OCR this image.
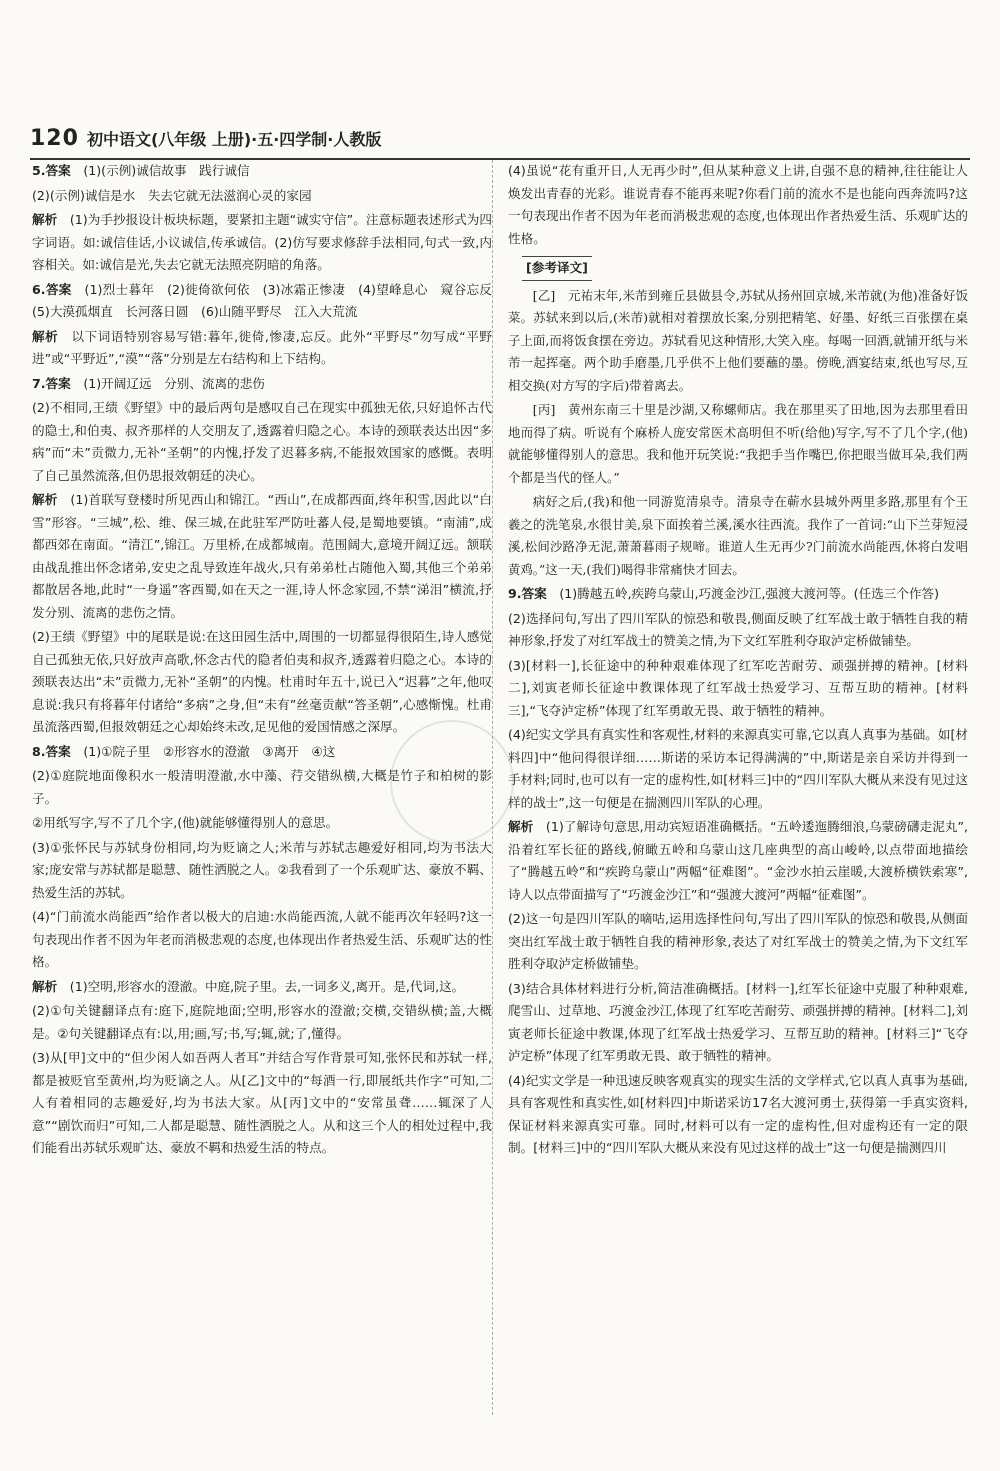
120 初中语文(八年级 上册)·五·四学制·人教版

5.答案　(1)(示例)诚信故事　践行诚信

(2)(示例)诚信是水　失去它就无法滋润心灵的家园

解析　(1)为手抄报设计板块标题，要紧扣主题“诚实守信”。注意标题表述形式为四字词语。如:诚信佳话,小议诚信,传承诚信。(2)仿写要求修辞手法相同,句式一致,内容相关。如:诚信是光,失去它就无法照亮阴暗的角落。

6.答案　(1)烈士暮年　(2)徙倚欲何依　(3)冰霜正惨凄　(4)望峰息心　窥谷忘反　(5)大漠孤烟直　长河落日圆　(6)山随平野尽　江入大荒流

解析　以下词语特别容易写错:暮年,徙倚,惨凄,忘反。此外“平野尽”勿写成“平野进”或“平野近”,“漠”“落”分别是左右结构和上下结构。

7.答案　(1)开阔辽远　分别、流离的悲伤

(2)不相同,王绩《野望》中的最后两句是感叹自己在现实中孤独无依,只好追怀古代的隐士,和伯夷、叔齐那样的人交朋友了,透露着归隐之心。本诗的颈联表达出因“多病”而“未”贡微力,无补“圣朝”的内愧,抒发了迟暮多病,不能报效国家的感慨。表明了自己虽然流落,但仍思报效朝廷的决心。

解析　(1)首联写登楼时所见西山和锦江。“西山”,在成都西面,终年积雪,因此以“白雪”形容。“三城”,松、维、保三城,在此驻军严防吐蕃人侵,是蜀地要镇。“南浦”,成都西郊在南面。“清江”,锦江。万里桥,在成都城南。范围阔大,意境开阔辽远。颔联由战乱推出怀念诸弟,安史之乱导致连年战火,只有弟弟杜占随他入蜀,其他三个弟弟都散居各地,此时“一身遥”客西蜀,如在天之一涯,诗人怀念家园,不禁“涕泪”横流,抒发分别、流离的悲伤之情。

(2)王绩《野望》中的尾联是说:在这田园生活中,周围的一切都显得很陌生,诗人感觉自己孤独无依,只好放声高歌,怀念古代的隐者伯夷和叔齐,透露着归隐之心。本诗的颈联表达出“未”贡微力,无补“圣朝”的内愧。杜甫时年五十,说已入“迟暮”之年,他叹息说:我只有将暮年付诸给“多病”之身,但“未有”丝毫贡献“答圣朝”,心感惭愧。杜甫虽流落西蜀,但报效朝廷之心却始终未改,足见他的爱国情感之深厚。

8.答案　(1)①院子里　②形容水的澄澈　③离开　④这

(2)①庭院地面像积水一般清明澄澈,水中藻、荇交错纵横,大概是竹子和柏树的影子。

②用纸写字,写不了几个字,(他)就能够懂得别人的意思。

(3)①张怀民与苏轼身份相同,均为贬谪之人;米芾与苏轼志趣爱好相同,均为书法大家;庞安常与苏轼都是聪慧、随性洒脱之人。②我看到了一个乐观旷达、豪放不羁、热爱生活的苏轼。

(4)“门前流水尚能西”给作者以极大的启迪:水尚能西流,人就不能再次年轻吗?这一句表现出作者不因为年老而消极悲观的态度,也体现出作者热爱生活、乐观旷达的性格。

解析　(1)空明,形容水的澄澈。中庭,院子里。去,一词多义,离开。是,代词,这。

(2)①句关键翻译点有:庭下,庭院地面;空明,形容水的澄澈;交横,交错纵横;盖,大概是。②句关键翻译点有:以,用;画,写;书,写;辄,就;了,懂得。

(3)从[甲]文中的“但少闲人如吾两人者耳”并结合写作背景可知,张怀民和苏轼一样,都是被贬官至黄州,均为贬谪之人。从[乙]文中的“每酒一行,即展纸共作字”可知,二人有着相同的志趣爱好,均为书法大家。从[丙]文中的“安常虽聋……辄深了人意”“剧饮而归”可知,二人都是聪慧、随性洒脱之人。从和这三个人的相处过程中,我们能看出苏轼乐观旷达、豪放不羁和热爱生活的特点。

(4)虽说“花有重开日,人无再少时”,但从某种意义上讲,自强不息的精神,往往能让人焕发出青春的光彩。谁说青春不能再来呢?你看门前的流水不是也能向西奔流吗?这一句表现出作者不因为年老而消极悲观的态度,也体现出作者热爱生活、乐观旷达的性格。

[参考译文]

[乙]　元祐末年,米芾到雍丘县做县令,苏轼从扬州回京城,米芾就(为他)准备好饭菜。苏轼来到以后,(米芾)就相对着摆放长案,分别把精笔、好墨、好纸三百张摆在桌子上面,而将饭食摆在旁边。苏轼看见这种情形,大笑入座。每喝一回酒,就铺开纸与米芾一起挥毫。两个助手磨墨,几乎供不上他们要蘸的墨。傍晚,酒宴结束,纸也写尽,互相交换(对方写的字后)带着离去。

[丙]　黄州东南三十里是沙湖,又称螺师店。我在那里买了田地,因为去那里看田地而得了病。听说有个麻桥人庞安常医术高明但不听(给他)写字,写不了几个字,(他)就能够懂得别人的意思。我和他开玩笑说:“我把手当作嘴巴,你把眼当做耳朵,我们两个都是当代的怪人。”

病好之后,(我)和他一同游览清泉寺。清泉寺在蕲水县城外两里多路,那里有个王羲之的洗笔泉,水很甘美,泉下面挨着兰溪,溪水往西流。我作了一首词:“山下兰芽短浸溪,松间沙路净无泥,萧萧暮雨子规啼。谁道人生无再少?门前流水尚能西,休将白发唱黄鸡。”这一天,(我们)喝得非常痛快才回去。

9.答案　(1)腾越五岭,疾跨乌蒙山,巧渡金沙江,强渡大渡河等。(任选三个作答)

(2)选择问句,写出了四川军队的惊恐和敬畏,侧面反映了红军战士敢于牺牲自我的精神形象,抒发了对红军战士的赞美之情,为下文红军胜利夺取泸定桥做铺垫。

(3)[材料一],长征途中的种种艰难体现了红军吃苦耐劳、顽强拼搏的精神。[材料二],刘寅老师长征途中教课体现了红军战士热爱学习、互帮互助的精神。[材料三],“飞夺泸定桥”体现了红军勇敢无畏、敢于牺牲的精神。

(4)纪实文学具有真实性和客观性,材料的来源真实可靠,它以真人真事为基础。如[材料四]中“他问得很详细……斯诺的采访本记得满满的”中,斯诺是亲自采访并得到一手材料;同时,也可以有一定的虚构性,如[材料三]中的“四川军队大概从来没有见过这样的战士”,这一句便是在揣测四川军队的心理。

解析　(1)了解诗句意思,用动宾短语准确概括。“五岭逶迤腾细浪,乌蒙磅礴走泥丸”,沿着红军长征的路线,俯瞰五岭和乌蒙山这几座典型的高山峻岭,以点带面地描绘了“腾越五岭”和“疾跨乌蒙山”两幅“征难图”。“金沙水拍云崖暖,大渡桥横铁索寒”,诗人以点带面描写了“巧渡金沙江”和“强渡大渡河”两幅“征难图”。

(2)这一句是四川军队的嘀咕,运用选择性问句,写出了四川军队的惊恐和敬畏,从侧面突出红军战士敢于牺牲自我的精神形象,表达了对红军战士的赞美之情,为下文红军胜利夺取泸定桥做铺垫。

(3)结合具体材料进行分析,简洁准确概括。[材料一],红军长征途中克服了种种艰难,爬雪山、过草地、巧渡金沙江,体现了红军吃苦耐劳、顽强拼搏的精神。[材料二],刘寅老师长征途中教课,体现了红军战士热爱学习、互帮互助的精神。[材料三]“飞夺泸定桥”体现了红军勇敢无畏、敢于牺牲的精神。

(4)纪实文学是一种迅速反映客观真实的现实生活的文学样式,它以真人真事为基础,具有客观性和真实性,如[材料四]中斯诺采访17名大渡河勇士,获得第一手真实资料,保证材料来源真实可靠。同时,材料可以有一定的虚构性,但对虚构还有一定的限制。[材料三]中的“四川军队大概从来没有见过这样的战士”这一句便是揣测四川
